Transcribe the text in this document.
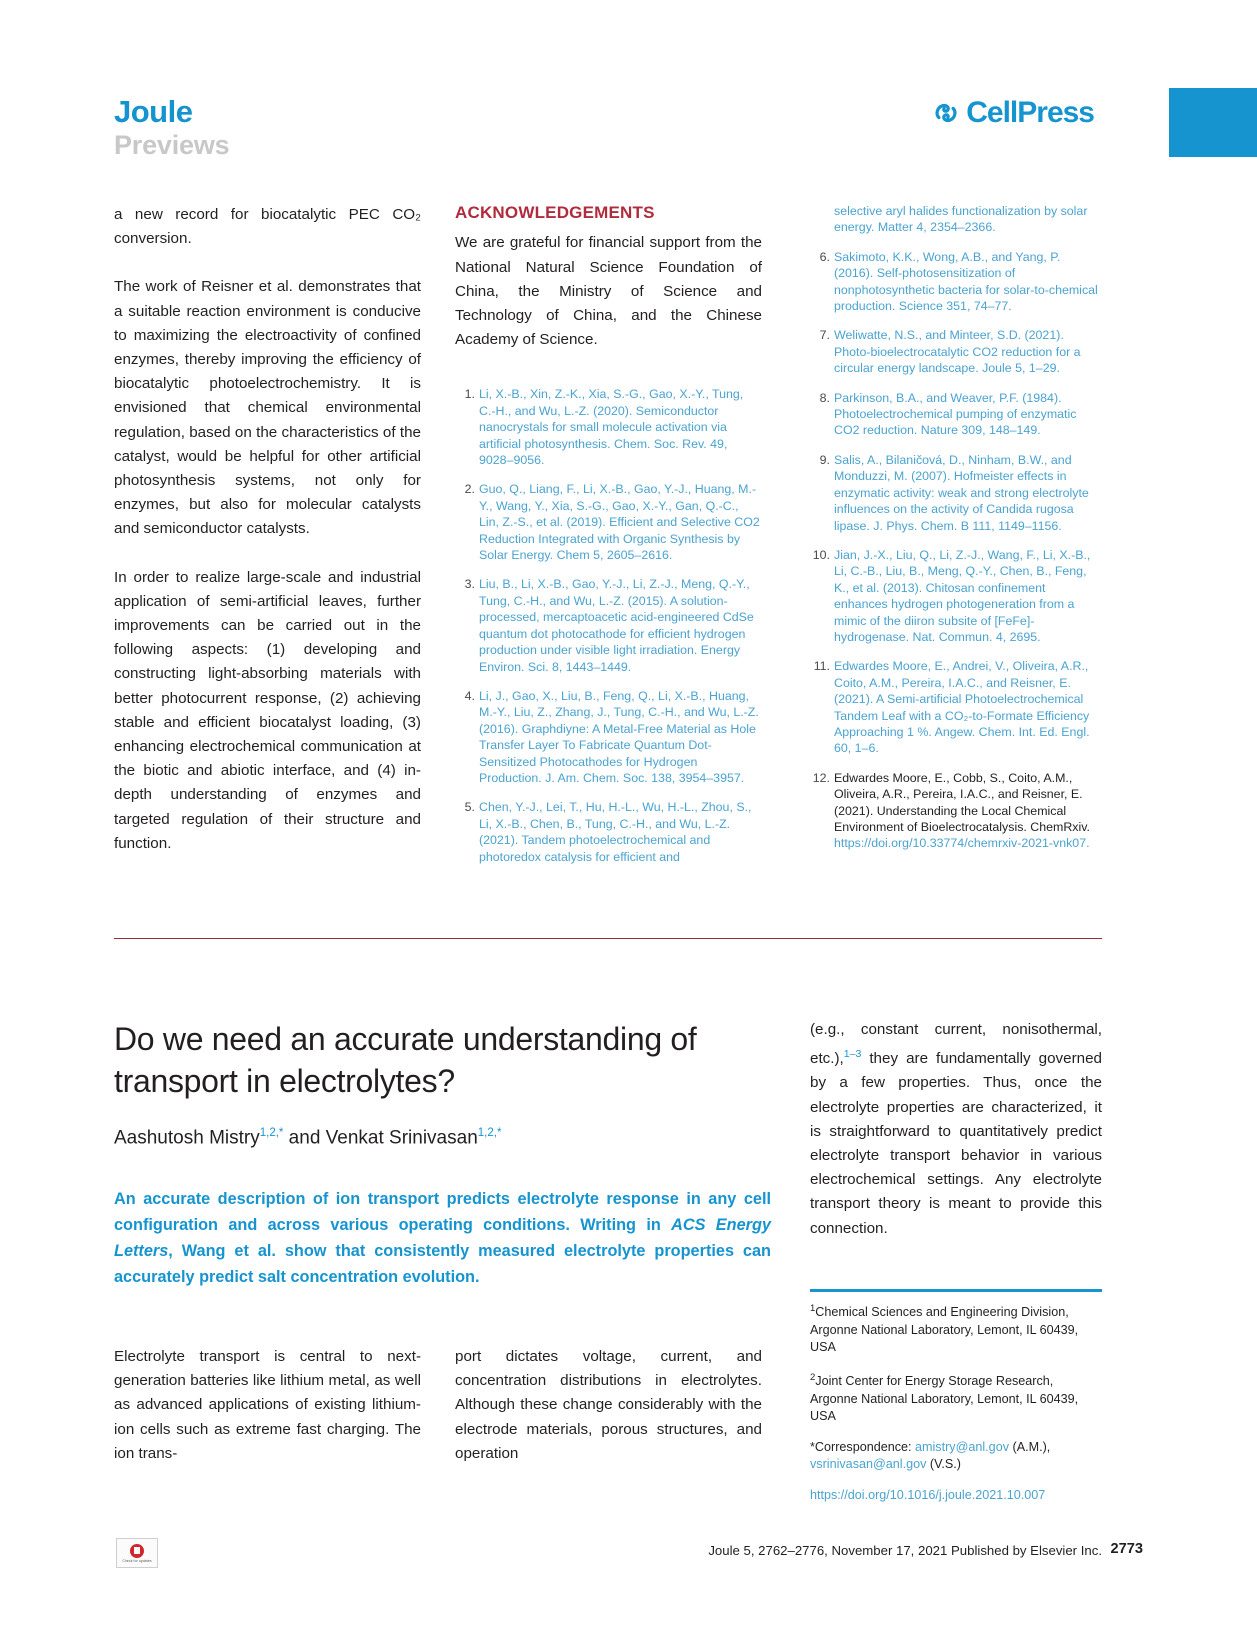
Joule
Previews
CellPress

a new record for biocatalytic PEC CO₂ conversion.

The work of Reisner et al. demonstrates that a suitable reaction environment is conducive to maximizing the electroactivity of confined enzymes, thereby improving the efficiency of biocatalytic photoelectrochemistry. It is envisioned that chemical environmental regulation, based on the characteristics of the catalyst, would be helpful for other artificial photosynthesis systems, not only for enzymes, but also for molecular catalysts and semiconductor catalysts.

In order to realize large-scale and industrial application of semi-artificial leaves, further improvements can be carried out in the following aspects: (1) developing and constructing light-absorbing materials with better photocurrent response, (2) achieving stable and efficient biocatalyst loading, (3) enhancing electrochemical communication at the biotic and abiotic interface, and (4) in-depth understanding of enzymes and targeted regulation of their structure and function.

ACKNOWLEDGEMENTS

We are grateful for financial support from the National Natural Science Foundation of China, the Ministry of Science and Technology of China, and the Chinese Academy of Science.

1. Li, X.-B., Xin, Z.-K., Xia, S.-G., Gao, X.-Y., Tung, C.-H., and Wu, L.-Z. (2020). Semiconductor nanocrystals for small molecule activation via artificial photosynthesis. Chem. Soc. Rev. 49, 9028–9056.
2. Guo, Q., Liang, F., Li, X.-B., Gao, Y.-J., Huang, M.-Y., Wang, Y., Xia, S.-G., Gao, X.-Y., Gan, Q.-C., Lin, Z.-S., et al. (2019). Efficient and Selective CO2 Reduction Integrated with Organic Synthesis by Solar Energy. Chem 5, 2605–2616.
3. Liu, B., Li, X.-B., Gao, Y.-J., Li, Z.-J., Meng, Q.-Y., Tung, C.-H., and Wu, L.-Z. (2015). A solution-processed, mercaptoacetic acid-engineered CdSe quantum dot photocathode for efficient hydrogen production under visible light irradiation. Energy Environ. Sci. 8, 1443–1449.
4. Li, J., Gao, X., Liu, B., Feng, Q., Li, X.-B., Huang, M.-Y., Liu, Z., Zhang, J., Tung, C.-H., and Wu, L.-Z. (2016). Graphdiyne: A Metal-Free Material as Hole Transfer Layer To Fabricate Quantum Dot-Sensitized Photocathodes for Hydrogen Production. J. Am. Chem. Soc. 138, 3954–3957.
5. Chen, Y.-J., Lei, T., Hu, H.-L., Wu, H.-L., Zhou, S., Li, X.-B., Chen, B., Tung, C.-H., and Wu, L.-Z. (2021). Tandem photoelectrochemical and photoredox catalysis for efficient and
selective aryl halides functionalization by solar energy. Matter 4, 2354–2366.
6. Sakimoto, K.K., Wong, A.B., and Yang, P. (2016). Self-photosensitization of nonphotosynthetic bacteria for solar-to-chemical production. Science 351, 74–77.
7. Weliwatte, N.S., and Minteer, S.D. (2021). Photo-bioelectrocatalytic CO2 reduction for a circular energy landscape. Joule 5, 1–29.
8. Parkinson, B.A., and Weaver, P.F. (1984). Photoelectrochemical pumping of enzymatic CO2 reduction. Nature 309, 148–149.
9. Salis, A., Bilaničová, D., Ninham, B.W., and Monduzzi, M. (2007). Hofmeister effects in enzymatic activity: weak and strong electrolyte influences on the activity of Candida rugosa lipase. J. Phys. Chem. B 111, 1149–1156.
10. Jian, J.-X., Liu, Q., Li, Z.-J., Wang, F., Li, X.-B., Li, C.-B., Liu, B., Meng, Q.-Y., Chen, B., Feng, K., et al. (2013). Chitosan confinement enhances hydrogen photogeneration from a mimic of the diiron subsite of [FeFe]-hydrogenase. Nat. Commun. 4, 2695.
11. Edwardes Moore, E., Andrei, V., Oliveira, A.R., Coito, A.M., Pereira, I.A.C., and Reisner, E. (2021). A Semi-artificial Photoelectrochemical Tandem Leaf with a CO₂-to-Formate Efficiency Approaching 1 %. Angew. Chem. Int. Ed. Engl. 60, 1–6.
12. Edwardes Moore, E., Cobb, S., Coito, A.M., Oliveira, A.R., Pereira, I.A.C., and Reisner, E. (2021). Understanding the Local Chemical Environment of Bioelectrocatalysis. ChemRxiv. https://doi.org/10.33774/chemrxiv-2021-vnk07.
Do we need an accurate understanding of transport in electrolytes?
Aashutosh Mistry$^{1,2,*}$ and Venkat Srinivasan$^{1,2,*}$
An accurate description of ion transport predicts electrolyte response in any cell configuration and across various operating conditions. Writing in ACS Energy Letters, Wang et al. show that consistently measured electrolyte properties can accurately predict salt concentration evolution.
Electrolyte transport is central to next-generation batteries like lithium metal, as well as advanced applications of existing lithium-ion cells such as extreme fast charging. The ion trans-
port dictates voltage, current, and concentration distributions in electrolytes. Although these change considerably with the electrode materials, porous structures, and operation
(e.g., constant current, nonisothermal, etc.),$^{1-3}$ they are fundamentally governed by a few properties. Thus, once the electrolyte properties are characterized, it is straightforward to quantitatively predict electrolyte transport behavior in various electrochemical settings. Any electrolyte transport theory is meant to provide this connection.

$^1$Chemical Sciences and Engineering Division, Argonne National Laboratory, Lemont, IL 60439, USA

$^2$Joint Center for Energy Storage Research, Argonne National Laboratory, Lemont, IL 60439, USA

*Correspondence: amistry@anl.gov (A.M.), vsrinivasan@anl.gov (V.S.)

https://doi.org/10.1016/j.joule.2021.10.007

Check for updates
Joule 5, 2762–2776, November 17, 2021 Published by Elsevier Inc. 2773
